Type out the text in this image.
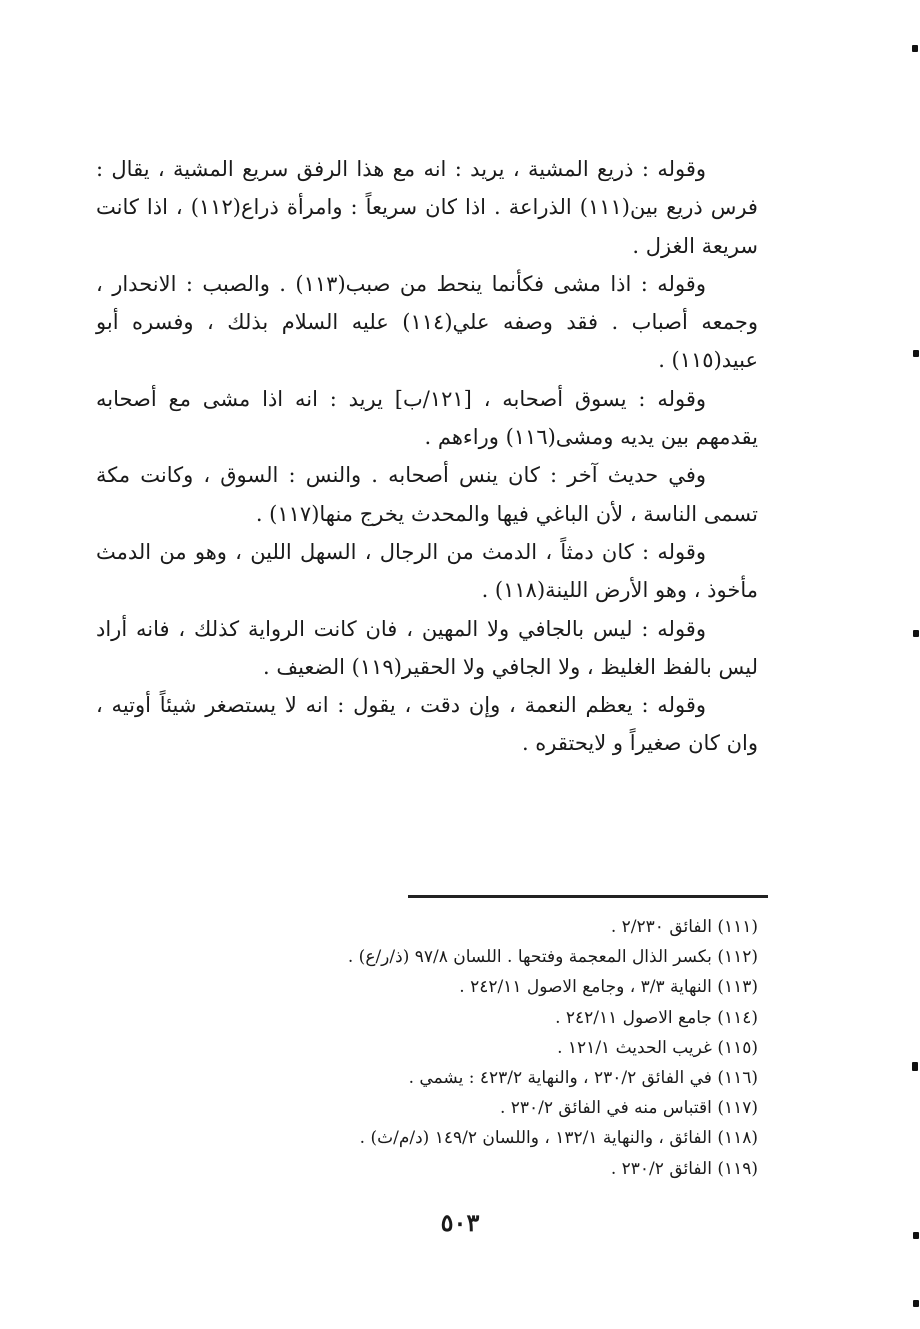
وقوله : ذريع المشية ، يريد : انه مع هذا الرفق سريع المشية ، يقال : فرس ذريع بين(١١١) الذراعة . اذا كان سريعاً : وامرأة ذراع(١١٢) ، اذا كانت سريعة الغزل .

وقوله : اذا مشى فكأنما ينحط من صبب(١١٣) . والصبب : الانحدار ، وجمعه أصباب . فقد وصفه علي(١١٤) عليه السلام بذلك ، وفسره أبو عبيد(١١٥) .

وقوله : يسوق أصحابه ، [١٢١/ب] يريد : انه اذا مشى مع أصحابه يقدمهم بين يديه ومشى(١١٦) وراءهم .

وفي حديث آخر : كان ينس أصحابه . والنس : السوق ، وكانت مكة تسمى الناسة ، لأن الباغي فيها والمحدث يخرج منها(١١٧) .

وقوله : كان دمثاً ، الدمث من الرجال ، السهل اللين ، وهو من الدمث مأخوذ ، وهو الأرض اللينة(١١٨) .

وقوله : ليس بالجافي ولا المهين ، فان كانت الرواية كذلك ، فانه أراد ليس بالفظ الغليظ ، ولا الجافي ولا الحقير(١١٩) الضعيف .

وقوله : يعظم النعمة ، وإن دقت ، يقول : انه لا يستصغر شيئاً أوتيه ، وان كان صغيراً و لايحتقره .

(١١١) الفائق ٢/٢٣٠ .

(١١٢) بكسر الذال المعجمة وفتحها . اللسان ٩٧/٨ (ذ/ر/ع) .

(١١٣) النهاية ٣/٣ ، وجامع الاصول ٢٤٢/١١ .

(١١٤) جامع الاصول ٢٤٢/١١ .

(١١٥) غريب الحديث ١٢١/١ .

(١١٦) في الفائق ٢٣٠/٢ ، والنهاية ٤٢٣/٢ : يشمي .

(١١٧) اقتباس منه في الفائق ٢٣٠/٢ .

(١١٨) الفائق ، والنهاية ١٣٢/١ ، واللسان ١٤٩/٢ (د/م/ث) .

(١١٩) الفائق ٢٣٠/٢ .

٥٠٣
